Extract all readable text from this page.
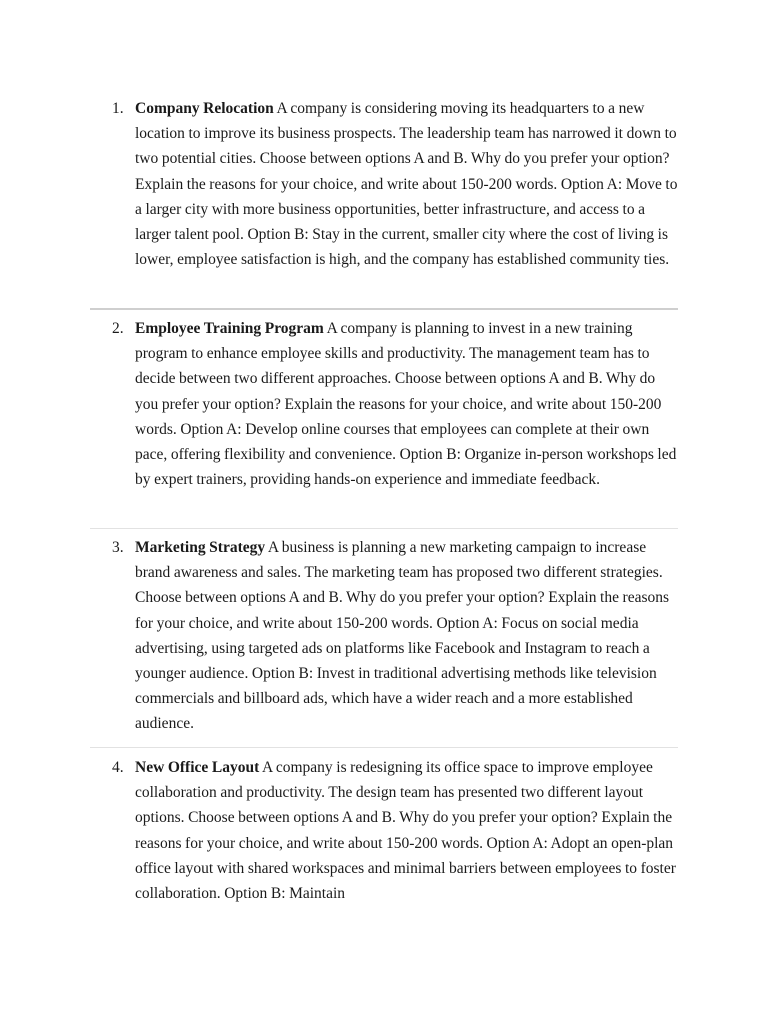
1. Company Relocation A company is considering moving its headquarters to a new location to improve its business prospects. The leadership team has narrowed it down to two potential cities. Choose between options A and B. Why do you prefer your option? Explain the reasons for your choice, and write about 150-200 words. Option A: Move to a larger city with more business opportunities, better infrastructure, and access to a larger talent pool. Option B: Stay in the current, smaller city where the cost of living is lower, employee satisfaction is high, and the company has established community ties.
2. Employee Training Program A company is planning to invest in a new training program to enhance employee skills and productivity. The management team has to decide between two different approaches. Choose between options A and B. Why do you prefer your option? Explain the reasons for your choice, and write about 150-200 words. Option A: Develop online courses that employees can complete at their own pace, offering flexibility and convenience. Option B: Organize in-person workshops led by expert trainers, providing hands-on experience and immediate feedback.
3. Marketing Strategy A business is planning a new marketing campaign to increase brand awareness and sales. The marketing team has proposed two different strategies. Choose between options A and B. Why do you prefer your option? Explain the reasons for your choice, and write about 150-200 words. Option A: Focus on social media advertising, using targeted ads on platforms like Facebook and Instagram to reach a younger audience. Option B: Invest in traditional advertising methods like television commercials and billboard ads, which have a wider reach and a more established audience.
4. New Office Layout A company is redesigning its office space to improve employee collaboration and productivity. The design team has presented two different layout options. Choose between options A and B. Why do you prefer your option? Explain the reasons for your choice, and write about 150-200 words. Option A: Adopt an open-plan office layout with shared workspaces and minimal barriers between employees to foster collaboration. Option B: Maintain
